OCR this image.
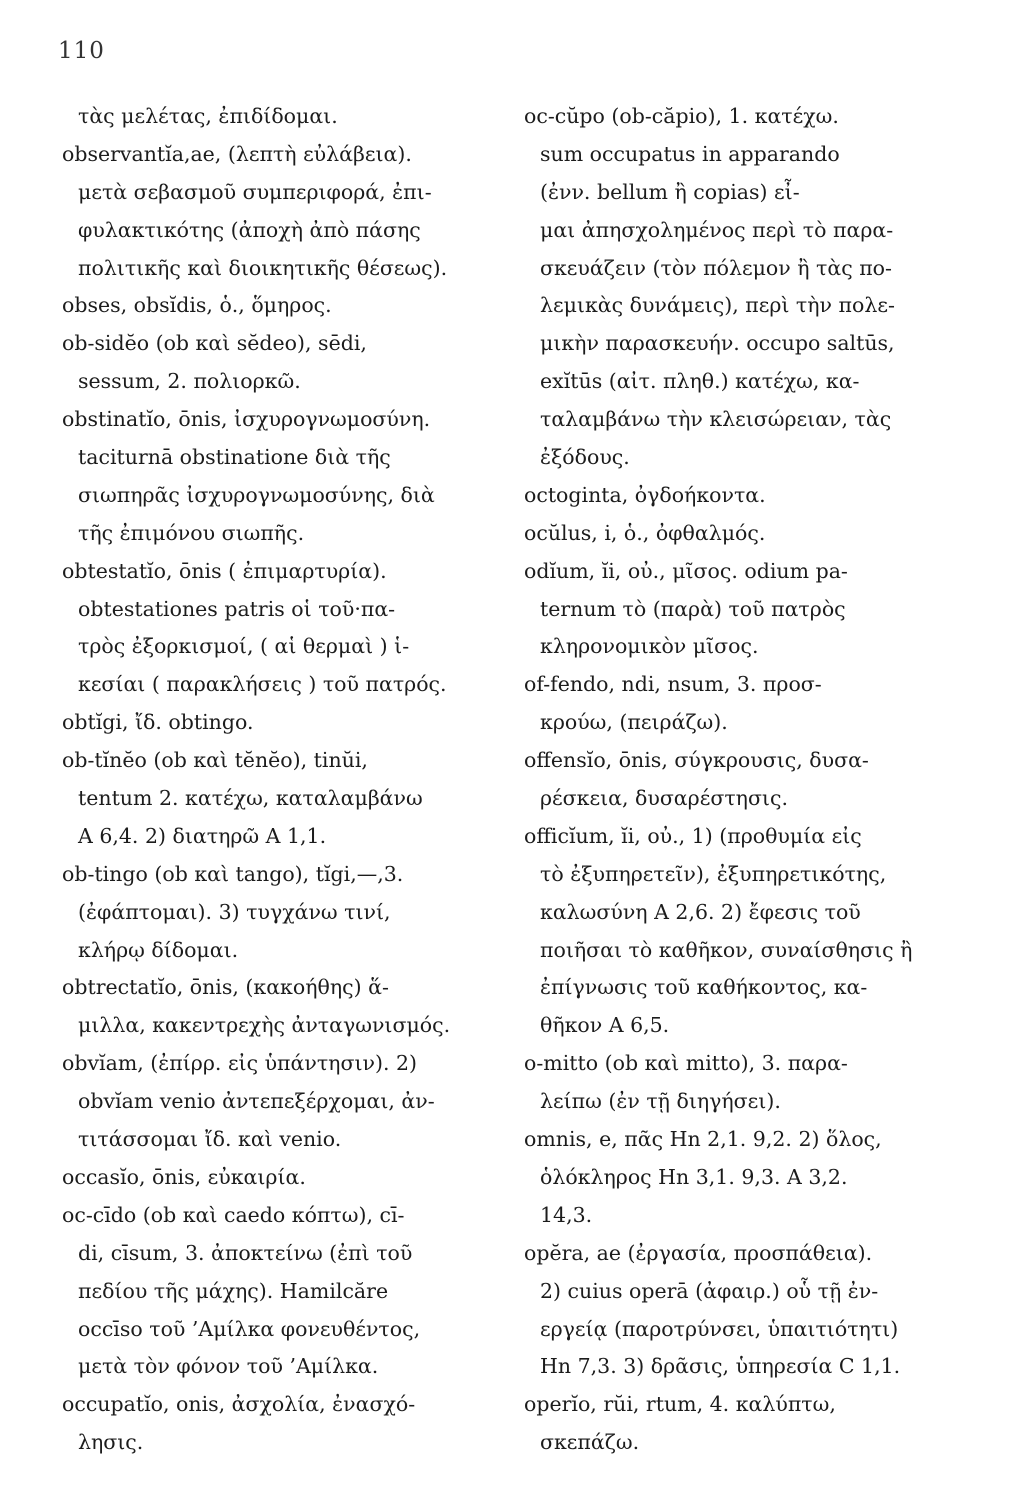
110
τὰς μελέτας, ἐπιδίδομαι.
observantĭa,ae, (λεπτὴ εὐλάβεια).
μετὰ σεβασμοῦ συμπεριφορά, ἐπι-
φυλακτικότης (ἀποχὴ ἀπὸ πάσης
πολιτικῆς καὶ διοικητικῆς θέσεως).
obses, obsĭdis, ὁ., ὅμηρος.
ob-sidĕo (ob καὶ sĕdeo), sēdi,
sessum, 2. πολιορκῶ.
obstinatĭo, ōnis, ἰσχυρογνωμοσύνη.
taciturnā obstinatione διὰ τῆς
σιωπηρᾶς ἰσχυρογνωμοσύνης, διὰ
τῆς ἐπιμόνου σιωπῆς.
obtestatĭo, ōnis ( ἐπιμαρτυρία).
obtestationes patris οἱ τοῦ·πα-
τρὸς ἐξορκισμοί, ( αἱ θερμαὶ ) ἱ-
κεσίαι ( παρακλήσεις ) τοῦ πατρός.
obtĭgi, ἴδ. obtingo.
ob-tĭnĕo (ob καὶ tĕnĕo), tinŭi,
tentum 2. κατέχω, καταλαμβάνω
A 6,4. 2) διατηρῶ A 1,1.
ob-tingo (ob καὶ tango), tĭgi,—,3.
(ἐφάπτομαι). 3) τυγχάνω τινί,
κλήρῳ δίδομαι.
obtrectatĭo, ōnis, (κακοήθης) ἅ-
μιλλα, κακεντρεχὴς ἀνταγωνισμός.
obvĭam, (ἐπίρρ. εἰς ὑπάντησιν). 2)
obvĭam venio ἀντεπεξέρχομαι, ἀν-
τιτάσσομαι ἴδ. καὶ venio.
occasĭo, ōnis, εὐκαιρία.
oc-cīdo (ob καὶ caedo κόπτω), cī-
di, cīsum, 3. ἀποκτείνω (ἐπὶ τοῦ
πεδίου τῆς μάχης). Hamilcăre
occīso τοῦ ’Αμίλκα φονευθέντος,
μετὰ τὸν φόνον τοῦ ’Αμίλκα.
occupatĭo, onis, ἀσχολία, ἐνασχό-
λησις.
oc-cŭpo (ob-căpio), 1. κατέχω.
sum occupatus in apparando
(ἐνν. bellum ἢ copias) εἶ-
μαι ἀπησχολημένος περὶ τὸ παρα-
σκευάζειν (τὸν πόλεμον ἢ τὰς πο-
λεμικὰς δυνάμεις), περὶ τὴν πολε-
μικὴν παρασκευήν. occupo saltūs,
exĭtūs (αἰτ. πληθ.) κατέχω, κα-
ταλαμβάνω τὴν κλεισώρειαν, τὰς
ἐξόδους.
octoginta, ὀγδοήκοντα.
ocŭlus, i, ὁ., ὀφθαλμός.
odĭum, ĭi, οὐ., μῖσος. odium pa-
ternum τὸ (παρὰ) τοῦ πατρὸς
κληρονομικὸν μῖσος.
of-fendo, ndi, nsum, 3. προσ-
κρούω, (πειράζω).
offensĭo, ōnis, σύγκρουσις, δυσα-
ρέσκεια, δυσαρέστησις.
officĭum, ĭi, οὐ., 1) (προθυμία εἰς
τὸ ἐξυπηρετεῖν), ἐξυπηρετικότης,
καλωσύνη A 2,6. 2) ἔφεσις τοῦ
ποιῆσαι τὸ καθῆκον, συναίσθησις ἢ
ἐπίγνωσις τοῦ καθήκοντος, κα-
θῆκον A 6,5.
o-mitto (ob καὶ mitto), 3. παρα-
λείπω (ἐν τῇ διηγήσει).
omnis, e, πᾶς Hn 2,1. 9,2. 2) ὅλος,
ὁλόκληρος Hn 3,1. 9,3. A 3,2.
14,3.
opĕra, ae (ἐργασία, προσπάθεια).
2) cuius operā (ἀφαιρ.) οὗ τῇ ἐν-
εργείᾳ (παροτρύνσει, ὑπαιτιότητι)
Hn 7,3. 3) δρᾶσις, ὑπηρεσία C 1,1.
operĭo, rŭi, rtum, 4. καλύπτω,
σκεπάζω.
